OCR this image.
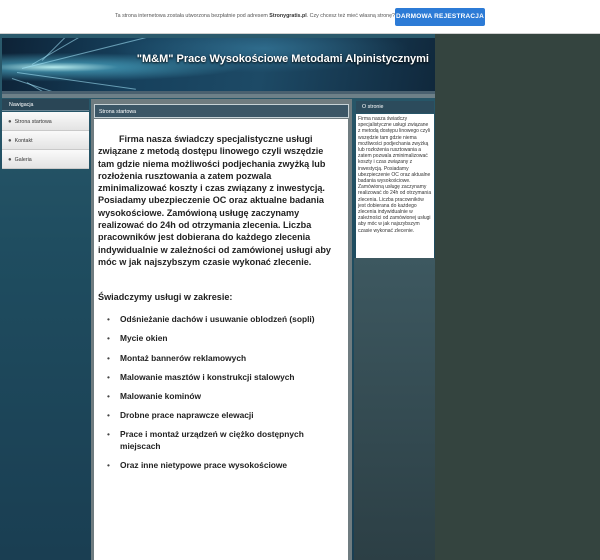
Ta strona internetowa została utworzona bezpłatnie pod adresem Stronygratis.pl. Czy chcesz też mieć własną stronę? DARMOWA REJESTRACJA
"M&M" Prace Wysokościowe Metodami Alpinistycznymi
Nawigacja
● Strona startowa
● Kontakt
● Galeria
Strona startowa

Firma nasza świadczy specjalistyczne usługi związane z metodą dostępu linowego czyli wszędzie tam gdzie niema możliwości podjechania zwyżką lub rozłożenia rusztowania a zatem pozwala zminimalizować koszty i czas związany z inwestycją. Posiadamy ubezpieczenie OC oraz aktualne badania wysokościowe. Zamówioną usługę zaczynamy realizować do 24h od otrzymania zlecenia. Liczba pracowników jest dobierana do każdego zlecenia indywidualnie w zależności od zamówionej usługi aby móc w jak najszybszym czasie wykonać zlecenie.

Świadczymy usługi w zakresie:

• Odśnieżanie dachów i usuwanie oblodzeń (sopli)
• Mycie okien
• Montaż bannerów reklamowych
• Malowanie masztów i konstrukcji stalowych
• Malowanie kominów
• Drobne prace naprawcze elewacji
• Prace i montaż urządzeń w ciężko dostępnych miejscach
• Oraz inne nietypowe prace wysokościowe
O stronie
Firma nasza świadczy specjalistyczne usługi związane z metodą dostępu linowego czyli wszędzie tam gdzie niema możliwości podjechania zwyżką lub rozłożenia rusztowania a zatem pozwala zminimalizować koszty i czas związany z inwestycją. Posiadamy ubezpieczenie OC oraz aktualne badania wysokościowe. Zamówioną usługę zaczynamy realizować do 24h od otrzymania zlecenia. Liczba pracowników jest dobierana do każdego zlecenia indywidualnie w zależności od zamówionej usługi aby móc w jak najszybszym czasie wykonać zlecenie.
